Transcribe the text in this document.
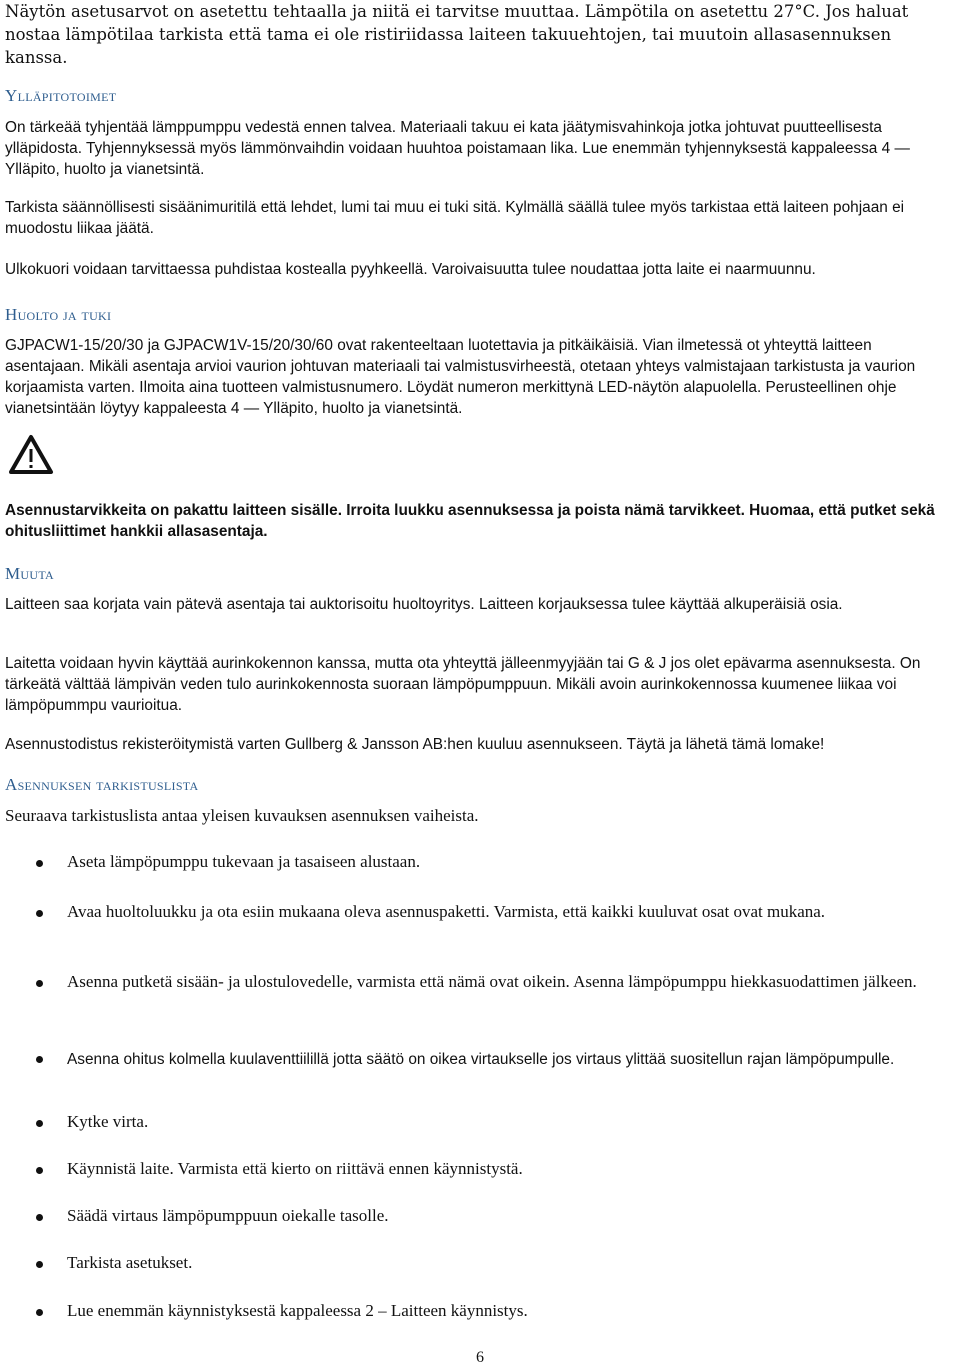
Näytön asetusarvot on asetettu tehtaalla ja niitä ei tarvitse muuttaa. Lämpötila on asetettu 27°C. Jos haluat nostaa lämpötilaa tarkista että tama ei ole ristiriidassa laiteen takuuehtojen, tai muutoin allasasennuksen kanssa.
Ylläpitotoimet
On tärkeää tyhjentää lämppumppu vedestä ennen talvea. Materiaali takuu ei kata jäätymisvahinkoja jotka johtuvat puutteellisesta ylläpidosta. Tyhjennyksessä myös lämmönvaihdin voidaan huuhtoa poistamaan lika. Lue enemmän tyhjennyksestä kappaleessa 4 — Ylläpito, huolto ja vianetsintä.
Tarkista säännöllisesti sisäänimuritilä että lehdet, lumi tai muu ei tuki sitä. Kylmällä säällä tulee myös tarkistaa että laiteen pohjaan ei muodostu liikaa jäätä.
Ulkokuori voidaan tarvittaessa puhdistaa kostealla pyyhkeellä. Varoivaisuutta tulee noudattaa jotta laite ei naarmuunnu.
Huolto ja tuki
GJPACW1-15/20/30 ja GJPACW1V-15/20/30/60 ovat rakenteeltaan luotettavia ja pitkäikäisiä. Vian ilmetessä ot yhteyttä laitteen asentajaan. Mikäli asentaja arvioi vaurion johtuvan materiaali tai valmistusvirheestä, otetaan yhteys valmistajaan tarkistusta ja vaurion korjaamista varten. Ilmoita aina tuotteen valmistusnumero. Löydät numeron merkittynä LED-näytön alapuolella. Perusteellinen ohje vianetsintään löytyy kappaleesta 4 — Ylläpito, huolto ja vianetsintä.
Asennustarvikkeita on pakattu laitteen sisälle. Irroita luukku asennuksessa ja poista nämä tarvikkeet. Huomaa, että putket sekä ohitusliittimet hankkii allasasentaja.
Muuta
Laitteen saa korjata vain pätevä asentaja tai auktorisoitu huoltoyritys. Laitteen korjauksessa tulee käyttää alkuperäisiä osia.
Laitetta voidaan hyvin käyttää aurinkokennon kanssa, mutta ota yhteyttä jälleenmyyjään tai G & J jos olet epävarma asennuksesta. On tärkeätä välttää lämpivän veden tulo aurinkokennosta suoraan lämpöpumppuun. Mikäli avoin aurinkokennossa kuumenee liikaa voi lämpöpummpu vaurioitua.
Asennustodistus rekisteröitymistä varten Gullberg & Jansson AB:hen kuuluu asennukseen. Täytä ja lähetä tämä lomake!
Asennuksen tarkistuslista
Seuraava tarkistuslista antaa yleisen kuvauksen asennuksen vaiheista.
Aseta lämpöpumppu tukevaan ja tasaiseen alustaan.
Avaa huoltoluukku ja ota esiin mukaana oleva asennuspaketti. Varmista, että kaikki kuuluvat osat ovat mukana.
Asenna putketä sisään- ja ulostulovedelle, varmista että nämä ovat oikein. Asenna lämpöpumppu hiekkasuodattimen jälkeen.
Asenna ohitus kolmella kuulaventtiilillä jotta säätö on oikea virtaukselle jos virtaus ylittää suositellun rajan lämpöpumpulle.
Kytke virta.
Käynnistä laite. Varmista että kierto on riittävä ennen käynnistystä.
Säädä virtaus lämpöpumppuun oiekalle tasolle.
Tarkista asetukset.
Lue enemmän käynnistyksestä kappaleessa 2 – Laitteen käynnistys.
6
